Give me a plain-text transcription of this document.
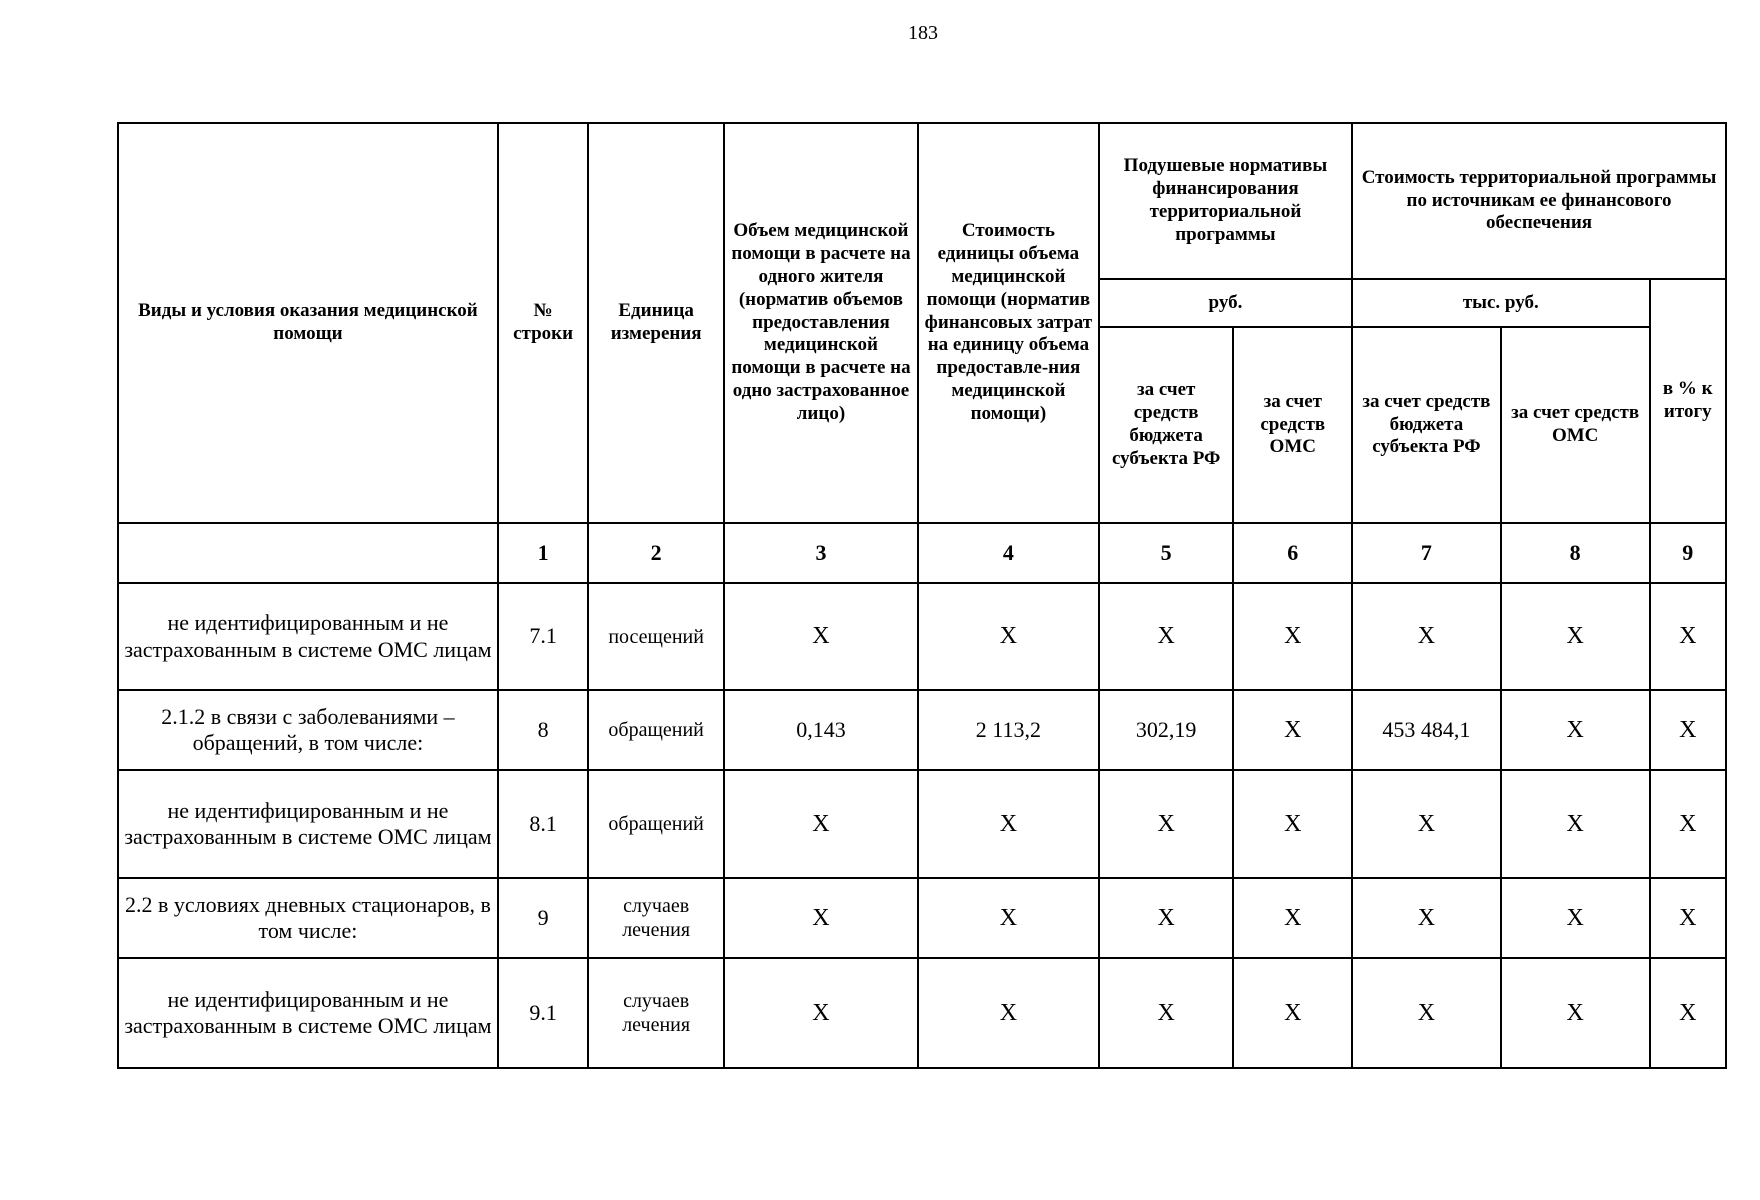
183
Виды и условия оказания медицинской помощи	№ строки	Единица измерения	Объем медицинской помощи в расчете на одного жителя (норматив объемов предоставления медицинской помощи в расчете на одно застрахованное лицо)	Стоимость единицы объема медицинской помощи (норматив финансовых затрат на единицу объема предоставле-ния медицинской помощи)	Подушевые нормативы финансирования территориальной программы		Стоимость территориальной программы по источникам ее финансового обеспечения		
					руб.		тыс. руб.		в % к итогу
					за счет средств бюджета субъекта РФ	за счет средств ОМС	за счет средств бюджета субъекта РФ	за счет средств ОМС	
	1	2	3	4	5	6	7	8	9
не идентифицированным и не застрахованным в системе ОМС лицам	7.1	посещений	X	X	X	X	X	X	X
2.1.2 в связи с заболеваниями – обращений, в том числе:	8	обращений	0,143	2 113,2	302,19	X	453 484,1	X	X
не идентифицированным и не застрахованным в системе ОМС лицам	8.1	обращений	X	X	X	X	X	X	X
2.2 в условиях дневных стационаров, в том числе:	9	случаев лечения	X	X	X	X	X	X	X
не идентифицированным и не застрахованным в системе ОМС лицам	9.1	случаев лечения	X	X	X	X	X	X	X
